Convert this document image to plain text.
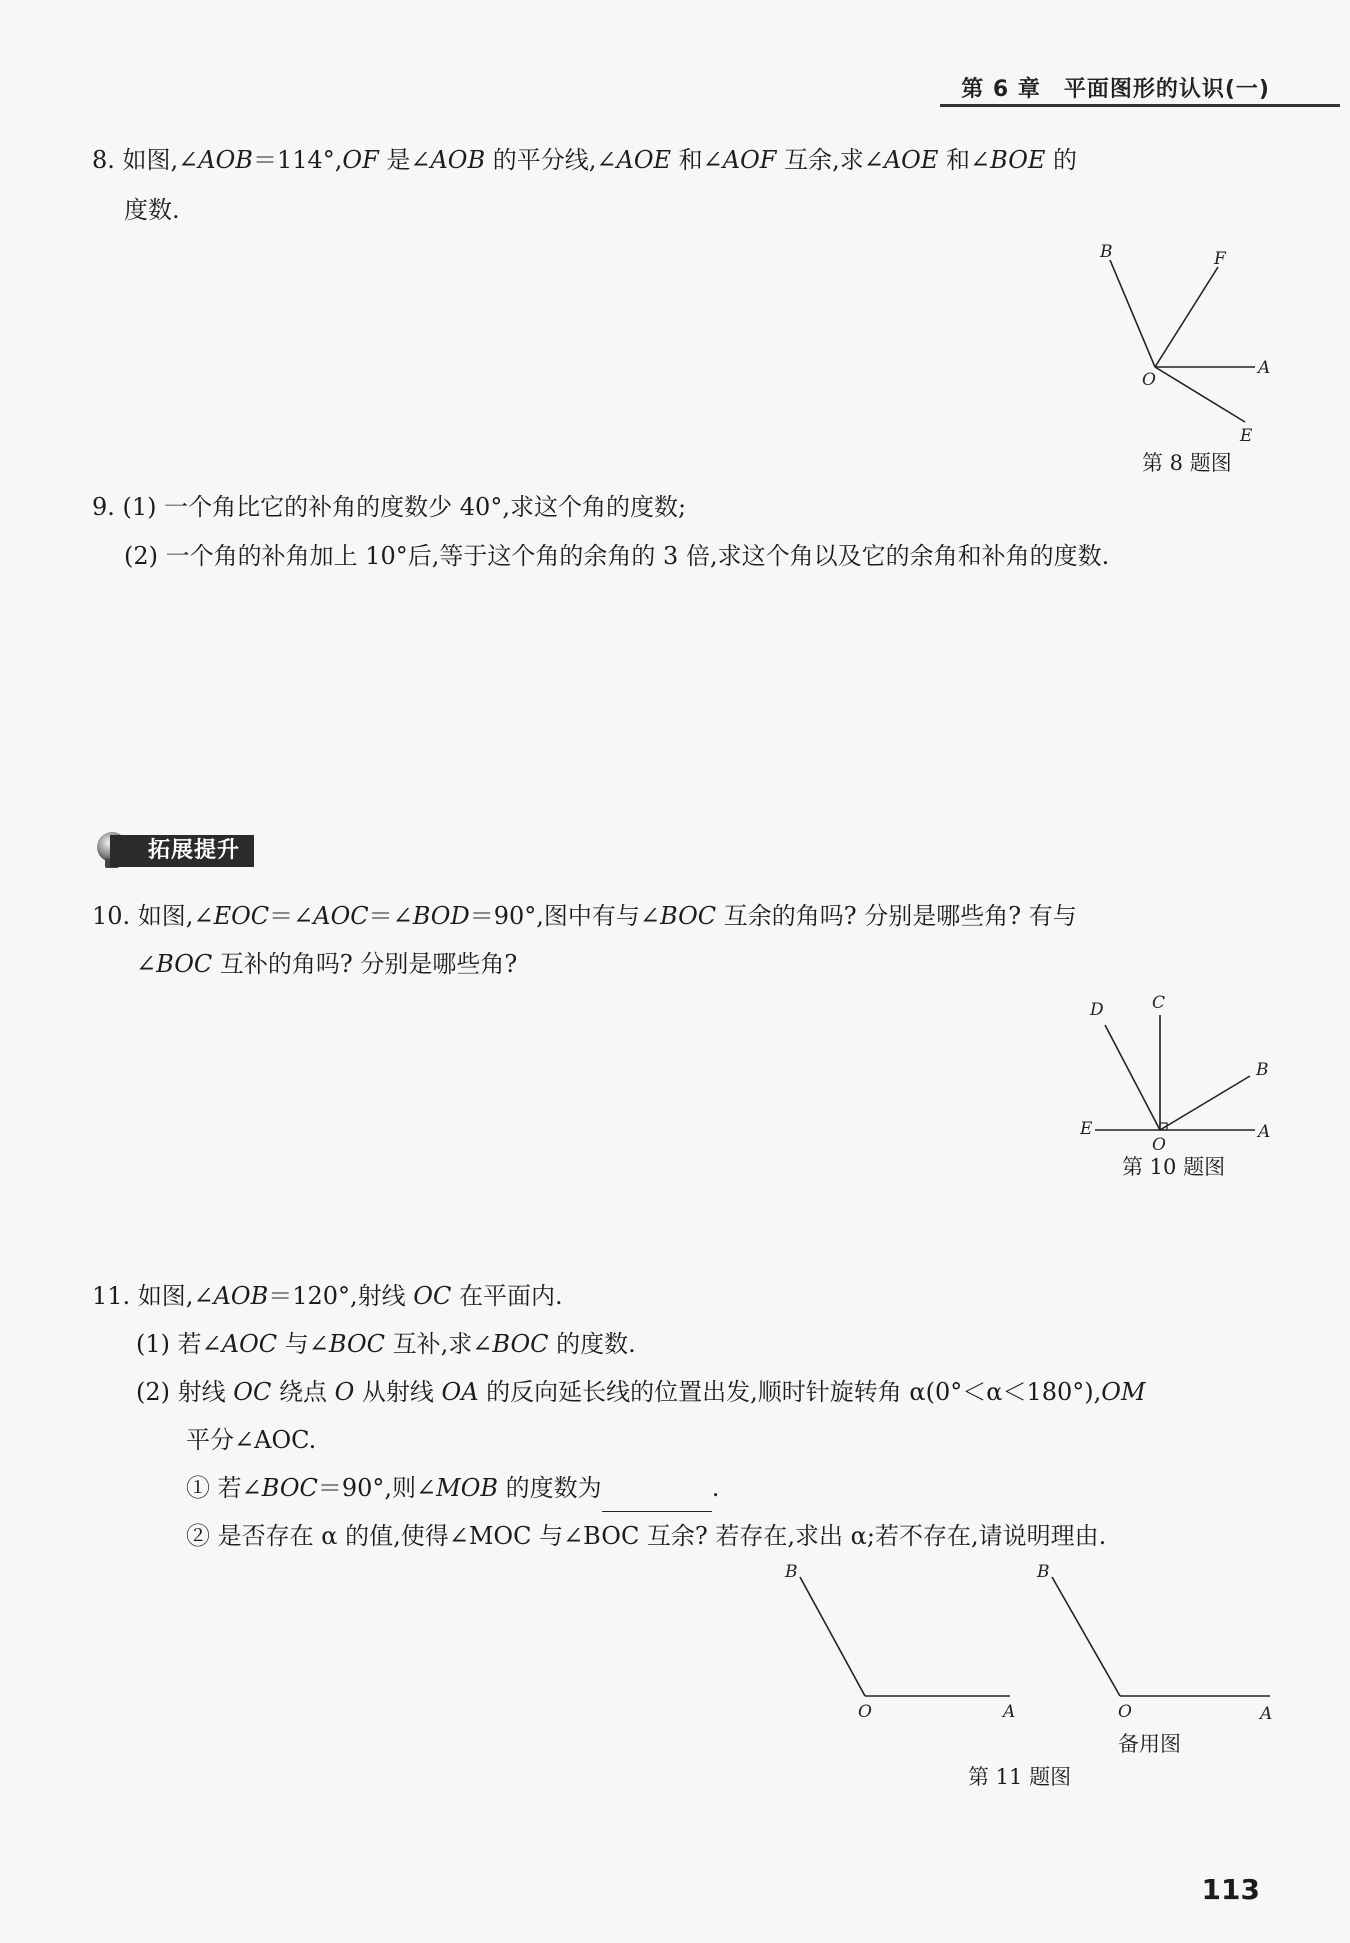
第 6 章　平面图形的认识(一)
8. 如图,∠AOB＝114°,OF 是∠AOB 的平分线,∠AOE 和∠AOF 互余,求∠AOE 和∠BOE 的
度数.
B	F
O
A
E
第 8 题图
9. (1) 一个角比它的补角的度数少 40°,求这个角的度数;
(2) 一个角的补角加上 10°后,等于这个角的余角的 3 倍,求这个角以及它的余角和补角的度数.
拓展提升
10. 如图,∠EOC＝∠AOC＝∠BOD＝90°,图中有与∠BOC 互余的角吗? 分别是哪些角? 有与
∠BOC 互补的角吗? 分别是哪些角?
D	C
B
E
O
A
第 10 题图
11. 如图,∠AOB＝120°,射线 OC 在平面内.
(1) 若∠AOC 与∠BOC 互补,求∠BOC 的度数.
(2) 射线 OC 绕点 O 从射线 OA 的反向延长线的位置出发,顺时针旋转角 α(0°＜α＜180°),OM
平分∠AOC.
① 若∠BOC＝90°,则∠MOB 的度数为	.
② 是否存在 α 的值,使得∠MOC 与∠BOC 互余? 若存在,求出 α;若不存在,请说明理由.
B
O	A
B
O	A
备用图
第 11 题图
113
